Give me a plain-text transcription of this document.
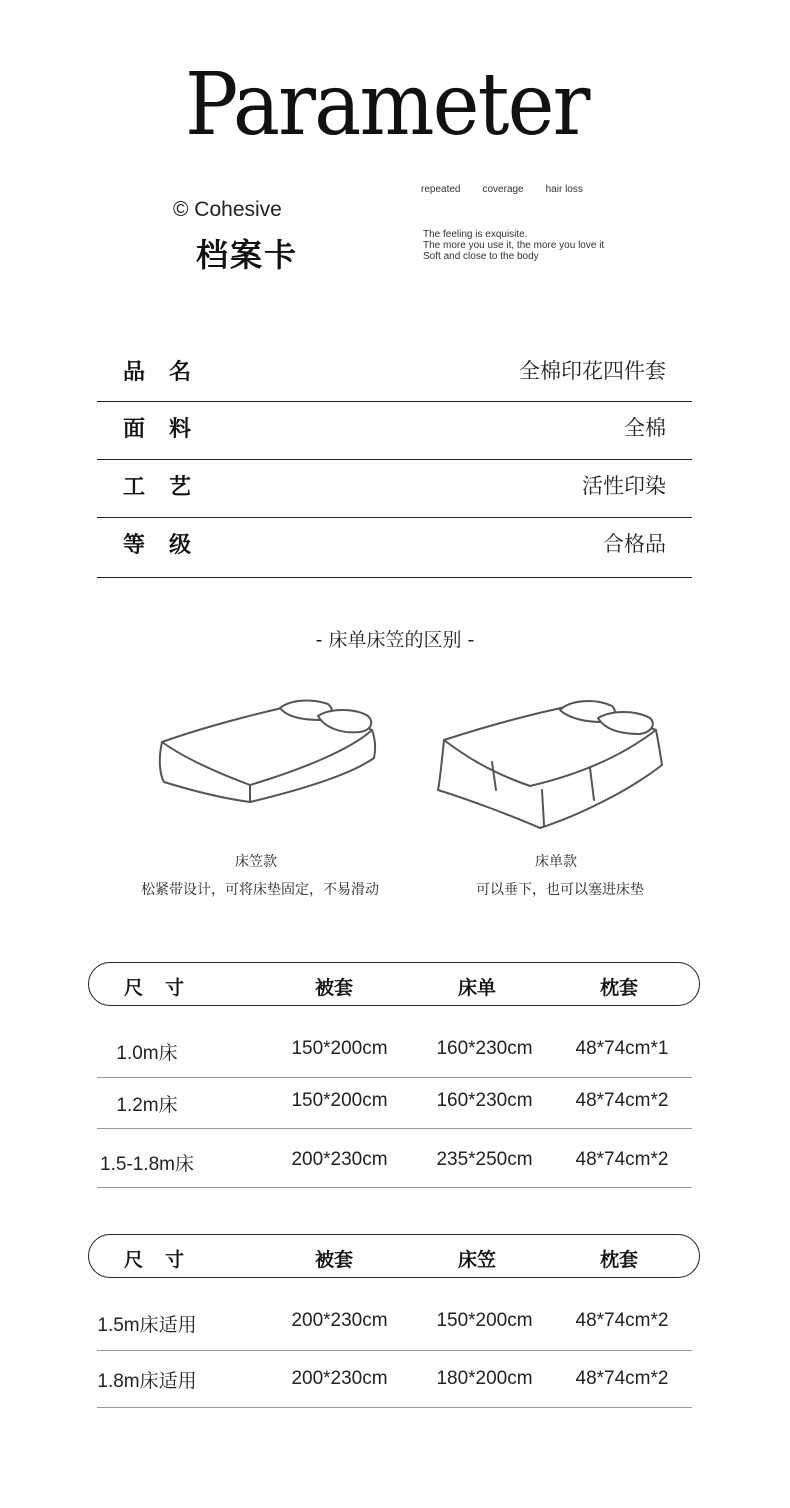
Parameter
© Cohesive
档案卡
repeated coverage hair loss
The feeling is exquisite.
The more you use it, the more you love it
Soft and close to the body
品名	全棉印花四件套
面料	全棉
工艺	活性印染
等级	合格品
- 床单床笠的区别 -
床笠款
松紧带设计，可将床垫固定，不易滑动
床单款
可以垂下，也可以塞进床垫
尺寸	被套	床单	枕套
1.0m床	150*200cm	160*230cm	48*74cm*1
1.2m床	150*200cm	160*230cm	48*74cm*2
1.5-1.8m床	200*230cm	235*250cm	48*74cm*2
尺寸	被套	床笠	枕套
1.5m床适用	200*230cm	150*200cm	48*74cm*2
1.8m床适用	200*230cm	180*200cm	48*74cm*2
